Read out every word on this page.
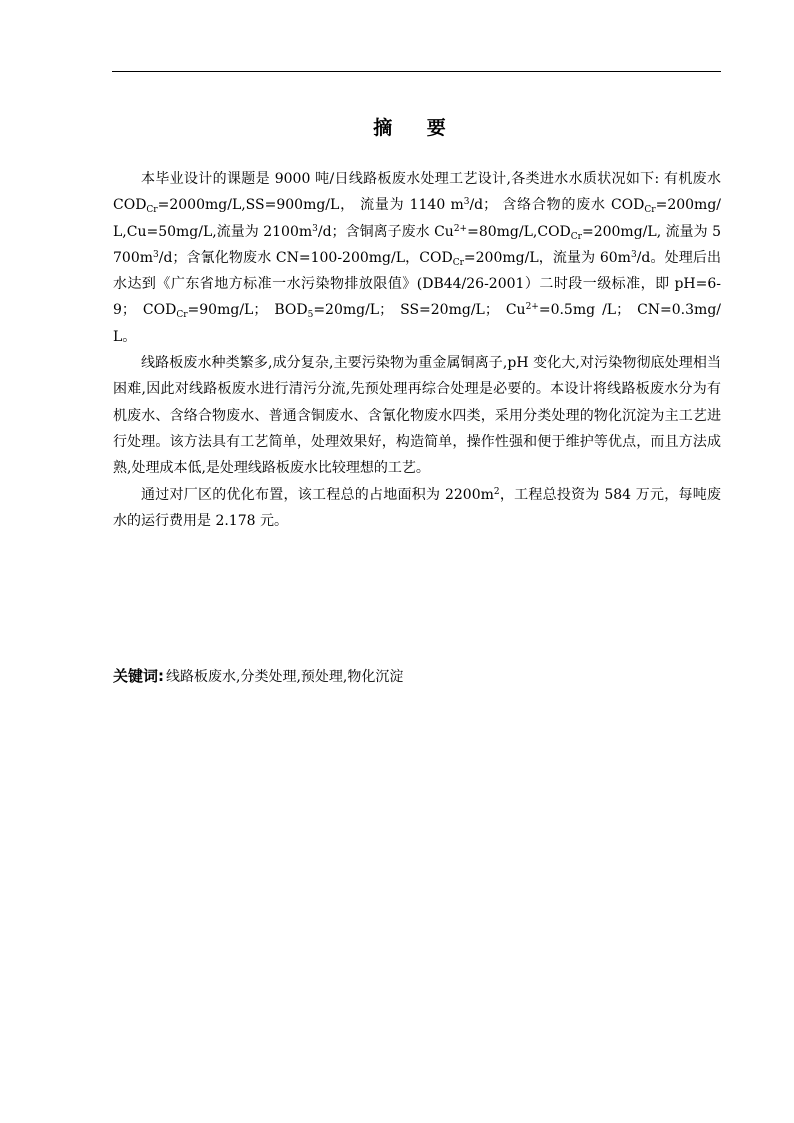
摘 要

本毕业设计的课题是 9000 吨/日线路板废水处理工艺设计,各类进水水质状况如下: 有机废水 $COD_{Cr}=2000mg/L,SS=900mg/L$， 流量为 1140 $m^3/d$； 含络合物的废水 $COD_{Cr}=200mg/L,Cu=50mg/L$,流量为 $2100m^3/d$；含铜离子废水 $Cu^{2+}=80mg/L,COD_{Cr}=200mg/L$, 流量为 $5700m^3/d$；含氰化物废水 CN=100-200mg/L，$COD_{Cr}=200mg/L$，流量为 $60m^3/d$。处理后出水达到《广东省地方标准一水污染物排放限值》(DB44/26-2001）二时段一级标准，即 pH=6-9； $COD_{Cr}=90mg/L$； $BOD_5=20mg/L$； SS=20mg/L； $Cu^{2+}=0.5mg$ /L； CN=0.3mg/L。

线路板废水种类繁多,成分复杂,主要污染物为重金属铜离子,pH 变化大,对污染物彻底处理相当困难,因此对线路板废水进行清污分流,先预处理再综合处理是必要的。本设计将线路板废水分为有机废水、含络合物废水、普通含铜废水、含氰化物废水四类，采用分类处理的物化沉淀为主工艺进行处理。该方法具有工艺简单，处理效果好，构造简单，操作性强和便于维护等优点，而且方法成熟,处理成本低,是处理线路板废水比较理想的工艺。

通过对厂区的优化布置，该工程总的占地面积为 $2200m^2$，工程总投资为 584 万元，每吨废水的运行费用是 2.178 元。

关键词: 线路板废水,分类处理,预处理,物化沉淀
